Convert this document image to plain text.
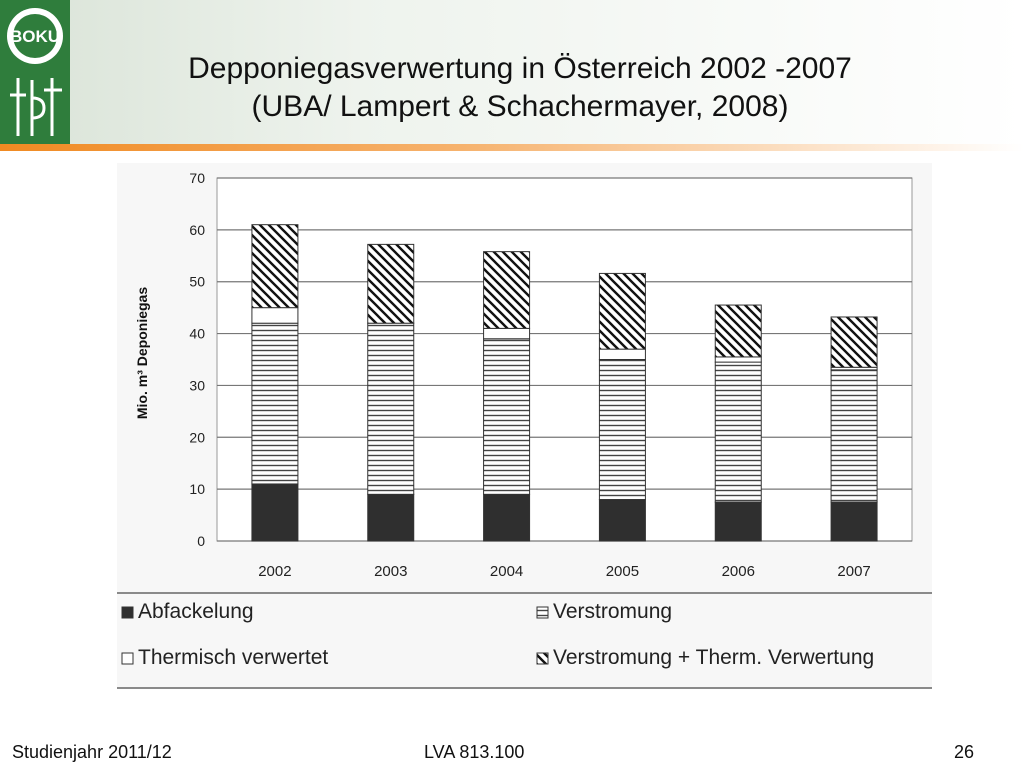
BOKU
Depponiegasverwertung in Österreich 2002 -2007
(UBA/ Lampert & Schachermayer, 2008)
Mio. m³ Deponiegas
0
10
20
30
40
50
60
70
2002	2003	2004	2005	2006	2007
Abfackelung	Verstromung
Thermisch verwertet	Verstromung + Therm. Verwertung
Studienjahr 2011/12	LVA 813.100	26
